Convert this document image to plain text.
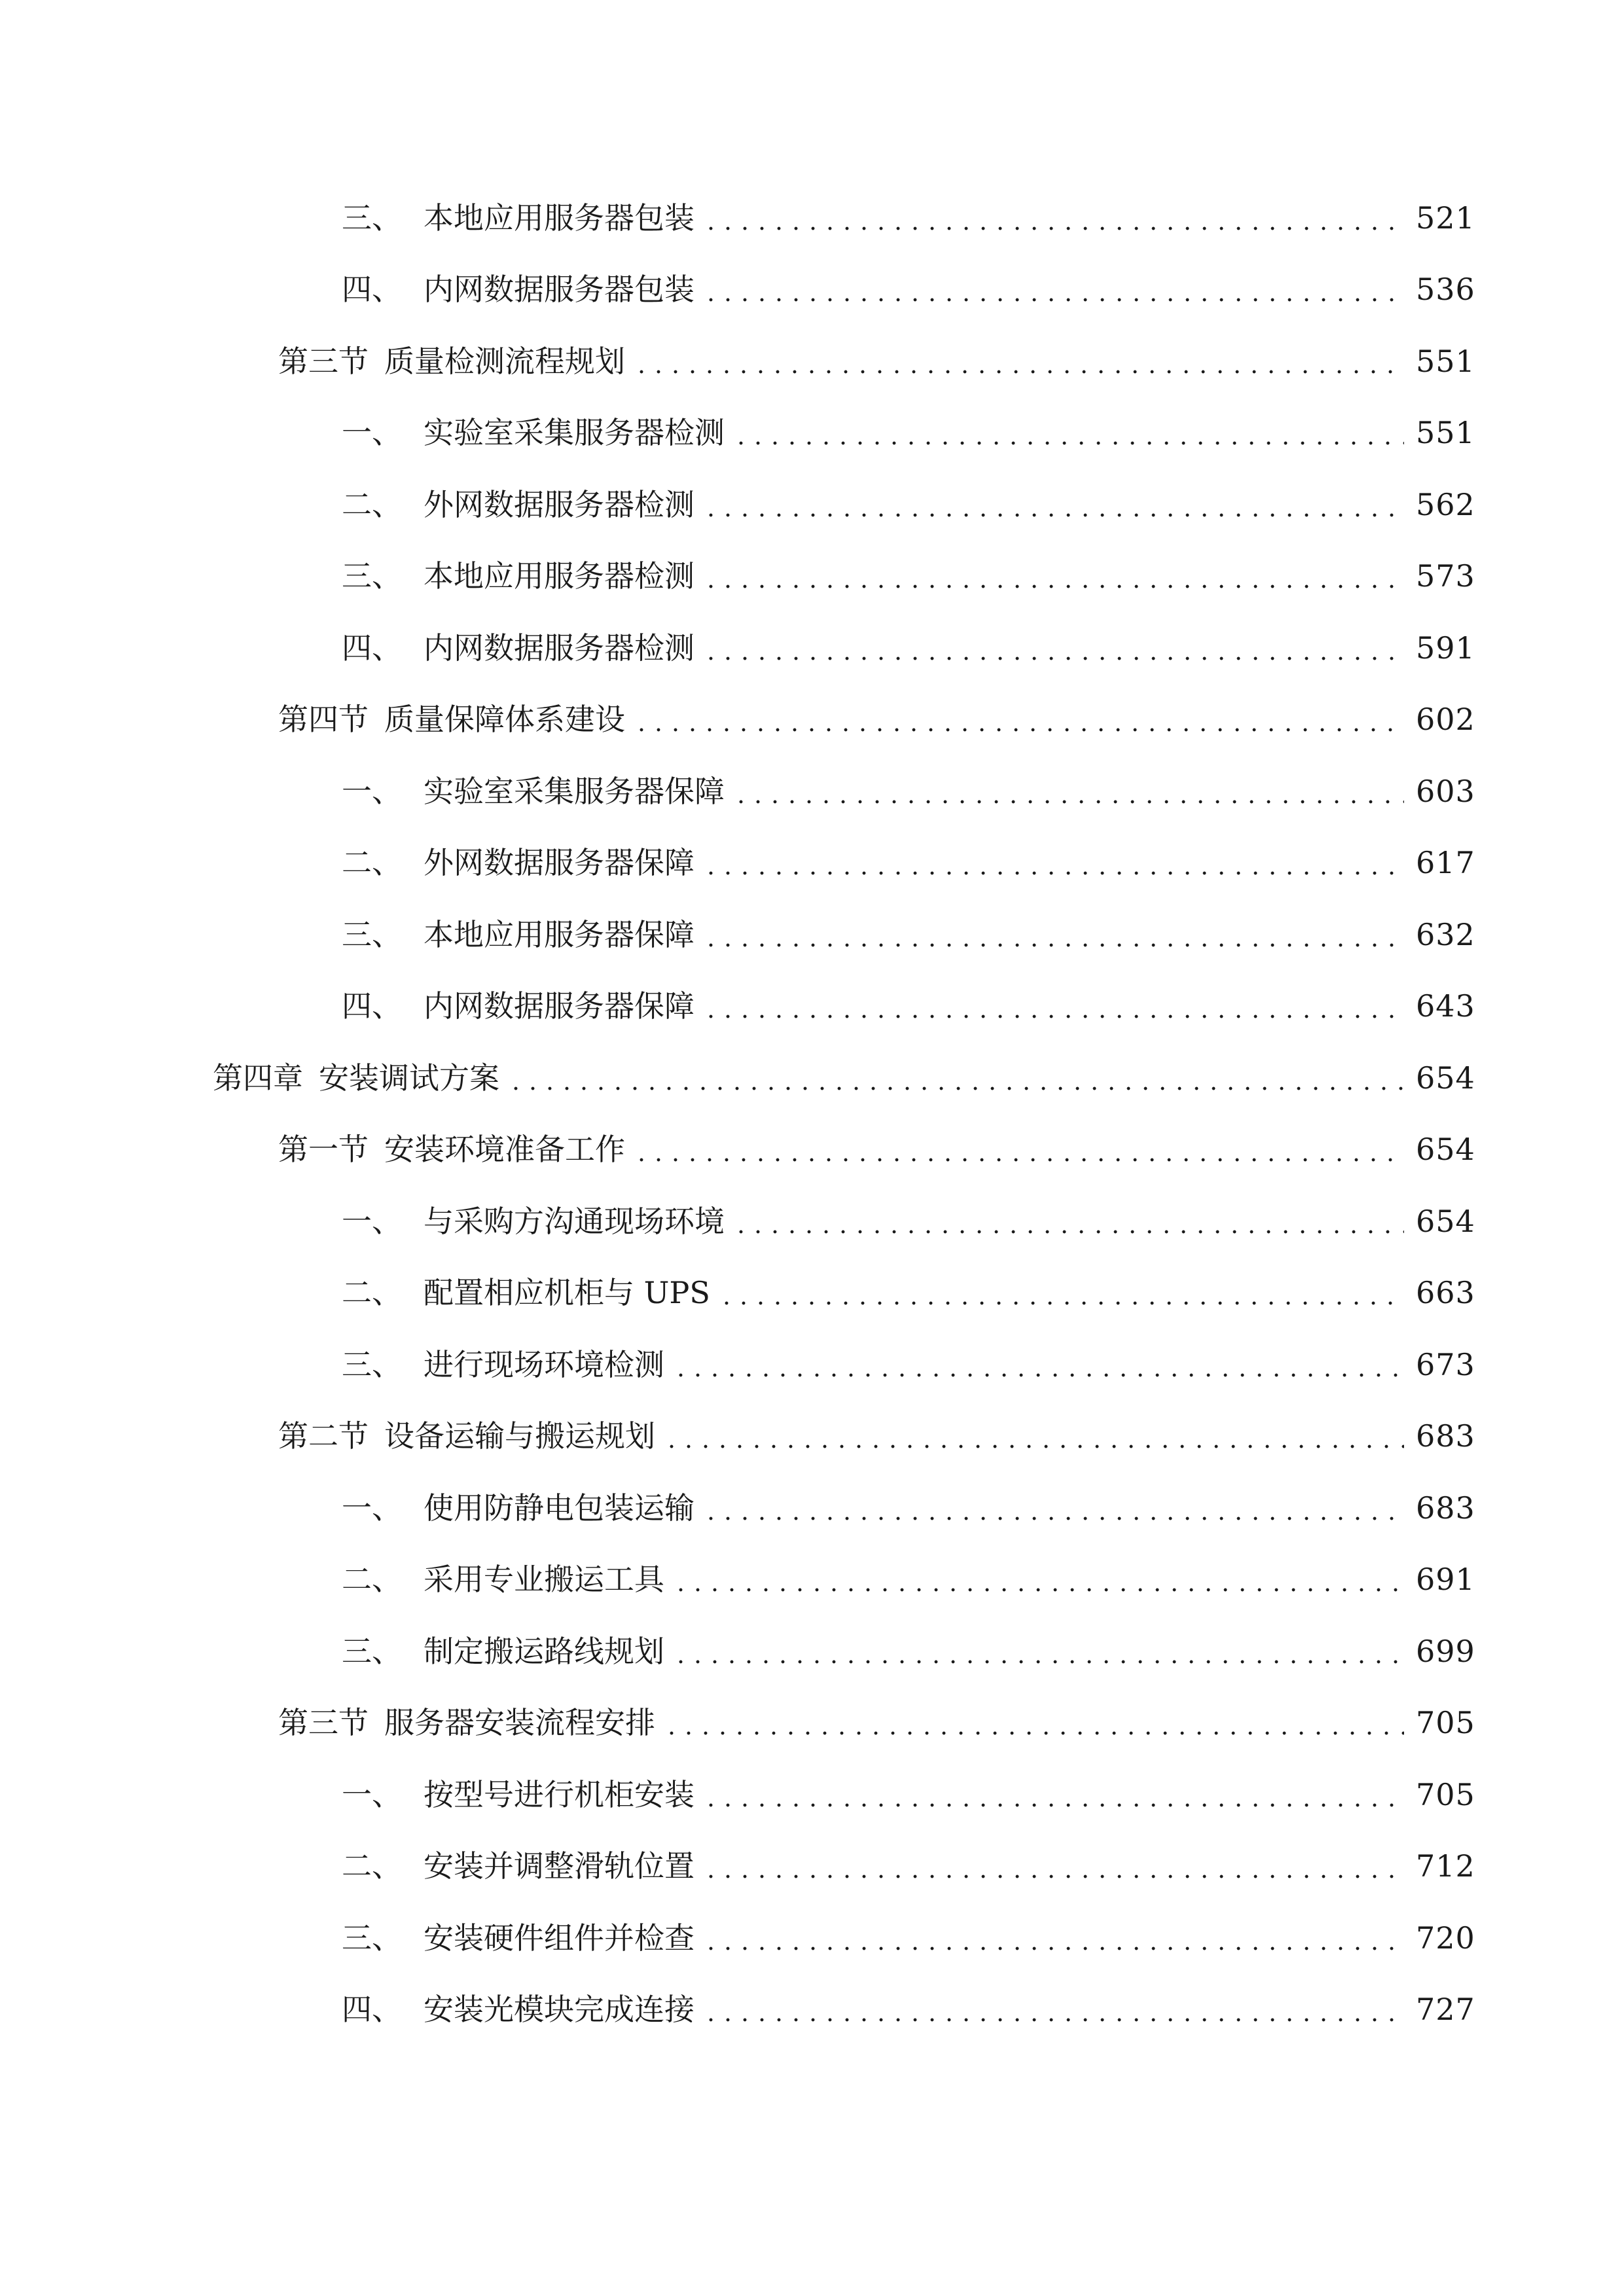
三、 本地应用服务器包装	521
四、 内网数据服务器包装	536
第三节 质量检测流程规划	551
一、 实验室采集服务器检测	551
二、 外网数据服务器检测	562
三、 本地应用服务器检测	573
四、 内网数据服务器检测	591
第四节 质量保障体系建设	602
一、 实验室采集服务器保障	603
二、 外网数据服务器保障	617
三、 本地应用服务器保障	632
四、 内网数据服务器保障	643
第四章 安装调试方案	654
第一节 安装环境准备工作	654
一、 与采购方沟通现场环境	654
二、 配置相应机柜与 UPS	663
三、 进行现场环境检测	673
第二节 设备运输与搬运规划	683
一、 使用防静电包装运输	683
二、 采用专业搬运工具	691
三、 制定搬运路线规划	699
第三节 服务器安装流程安排	705
一、 按型号进行机柜安装	705
二、 安装并调整滑轨位置	712
三、 安装硬件组件并检查	720
四、 安装光模块完成连接	727
